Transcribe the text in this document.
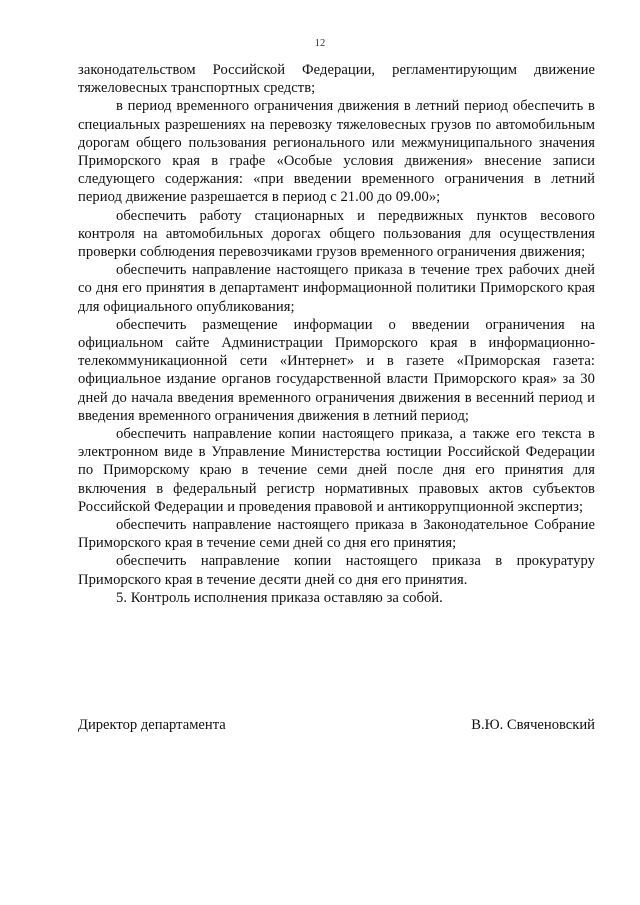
12

законодательством Российской Федерации, регламентирующим движение тяжеловесных транспортных средств;

в период временного ограничения движения в летний период обеспечить в специальных разрешениях на перевозку тяжеловесных грузов по автомобильным дорогам общего пользования регионального или межмуниципального значения Приморского края в графе «Особые условия движения» внесение записи следующего содержания: «при введении временного ограничения в летний период движение разрешается в период с 21.00 до 09.00»;

обеспечить работу стационарных и передвижных пунктов весового контроля на автомобильных дорогах общего пользования для осуществления проверки соблюдения перевозчиками грузов временного ограничения движения;

обеспечить направление настоящего приказа в течение трех рабочих дней со дня его принятия в департамент информационной политики Приморского края для официального опубликования;

обеспечить размещение информации о введении ограничения на официальном сайте Администрации Приморского края в информационно-телекоммуникационной сети «Интернет» и в газете «Приморская газета: официальное издание органов государственной власти Приморского края» за 30 дней до начала введения временного ограничения движения в весенний период и введения временного ограничения движения в летний период;

обеспечить направление копии настоящего приказа, а также его текста в электронном виде в Управление Министерства юстиции Российской Федерации по Приморскому краю в течение семи дней после дня его принятия для включения в федеральный регистр нормативных правовых актов субъектов Российской Федерации и проведения правовой и антикоррупционной экспертиз;

обеспечить направление настоящего приказа в Законодательное Собрание Приморского края в течение семи дней со дня его принятия;

обеспечить направление копии настоящего приказа в прокуратуру Приморского края в течение десяти дней со дня его принятия.

5. Контроль исполнения приказа оставляю за собой.

Директор департамента	В.Ю. Свяченовский
